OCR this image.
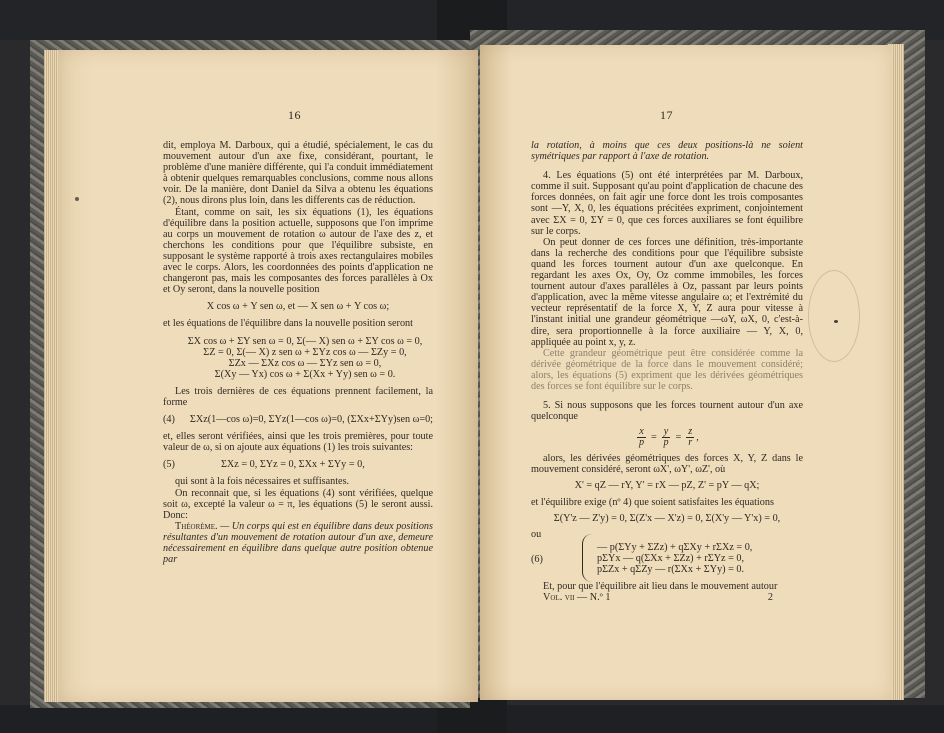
16

dit, employa M. Darboux, qui a étudié, spécialement, le cas du mouvement autour d'un axe fixe, considérant, pourtant, le problème d'une manière différente, qui l'a conduit immédiatement à obtenir quelques remarquables conclusions, comme nous allons voir. De la manière, dont Daniel da Silva a obtenu les équations (2), nous dirons plus loin, dans les differents cas de réduction.

Étant, comme on sait, les six équations (1), les équations d'équilibre dans la position actuelle, supposons que l'on imprime au corps un mouvement de rotation ω autour de l'axe des z, et cherchons les conditions pour que l'équilibre subsiste, en supposant le système rapporté à trois axes rectangulaires mobiles avec le corps. Alors, les coordonnées des points d'application ne changeront pas, mais les composantes des forces parallèles à Ox et Oy seront, dans la nouvelle position

X cos ω + Y sen ω, et — X sen ω + Y cos ω;

et les équations de l'équilibre dans la nouvelle position seront

ΣX cos ω + ΣY sen ω = 0, Σ(— X) sen ω + ΣY cos ω = 0,

ΣZ = 0, Σ(— X) z sen ω + ΣYz cos ω — ΣZy = 0,

ΣZx — ΣXz cos ω — ΣYz sen ω = 0,

Σ(Xy — Yx) cos ω + Σ(Xx + Yy) sen ω = 0.

Les trois dernières de ces équations prennent facilement, la forme

(4)	ΣXz(1—cos ω)=0, ΣYz(1—cos ω)=0, (ΣXx+ΣYy)sen ω=0;

et, elles seront vérifiées, ainsi que les trois premières, pour toute valeur de ω, si on ajoute aux équations (1) les trois suivantes:

(5)	ΣXz = 0, ΣYz = 0, ΣXx + ΣYy = 0,

qui sont à la fois nécessaires et suffisantes.

On reconnait que, si les équations (4) sont vérifiées, quelque soit ω, excepté la valeur ω = π, les équations (5) le seront aussi. Donc:

Théorème. — Un corps qui est en équilibre dans deux positions résultantes d'un mouvement de rotation autour d'un axe, demeure nécessairement en équilibre dans quelque autre position obtenue par

17

la rotation, à moins que ces deux positions-là ne soient symétriques par rapport à l'axe de rotation.

4. Les équations (5) ont été interprétées par M. Darboux, comme il suit. Supposant qu'au point d'application de chacune des forces données, on fait agir une force dont les trois composantes sont —Y, X, 0, les équations précitées expriment, conjointement avec ΣX = 0, ΣY = 0, que ces forces auxiliares se font équilibre sur le corps.

On peut donner de ces forces une définition, très-importante dans la recherche des conditions pour que l'équilibre subsiste quand les forces tournent autour d'un axe quelconque. En regardant les axes Ox, Oy, Oz comme immobiles, les forces tournent autour d'axes parallèles à Oz, passant par leurs points d'application, avec la même vitesse angulaire ω; et l'extrémité du vecteur représentatif de la force X, Y, Z aura pour vitesse à l'instant initial une grandeur géométrique —ωY, ωX, 0, c'est-à-dire, sera proportionnelle à la force auxiliaire — Y, X, 0, appliquée au point x, y, z.

Cette grandeur géométrique peut être considérée comme la dérivée géométrique de la force dans le mouvement considéré; alors, les équations (5) expriment que les dérivées géométriques des forces se font équilibre sur le corps.

5. Si nous supposons que les forces tournent autour d'un axe quelconque

$\frac{x}{p} = \frac{y}{p} = \frac{z}{r}$ ,

alors, les dérivées géométriques des forces X, Y, Z dans le mouvement considéré, seront ωX', ωY', ωZ', où

X' = qZ — rY, Y' = rX — pZ, Z' = pY — qX;

et l'équilibre exige (nº 4) que soient satisfaites les équations

Σ(Y'z — Z'y) = 0, Σ(Z'x — X'z) = 0, Σ(X'y — Y'x) = 0,

ou

(6)

— p(ΣYy + ΣZz) + qΣXy + rΣXz = 0,

pΣYx — q(ΣXx + ΣZz) + rΣYz = 0,

pΣZx + qΣZy — r(ΣXx + ΣYy) = 0.

Et, pour que l'équilibre ait lieu dans le mouvement autour

Vol. vii — N.º 1	2
